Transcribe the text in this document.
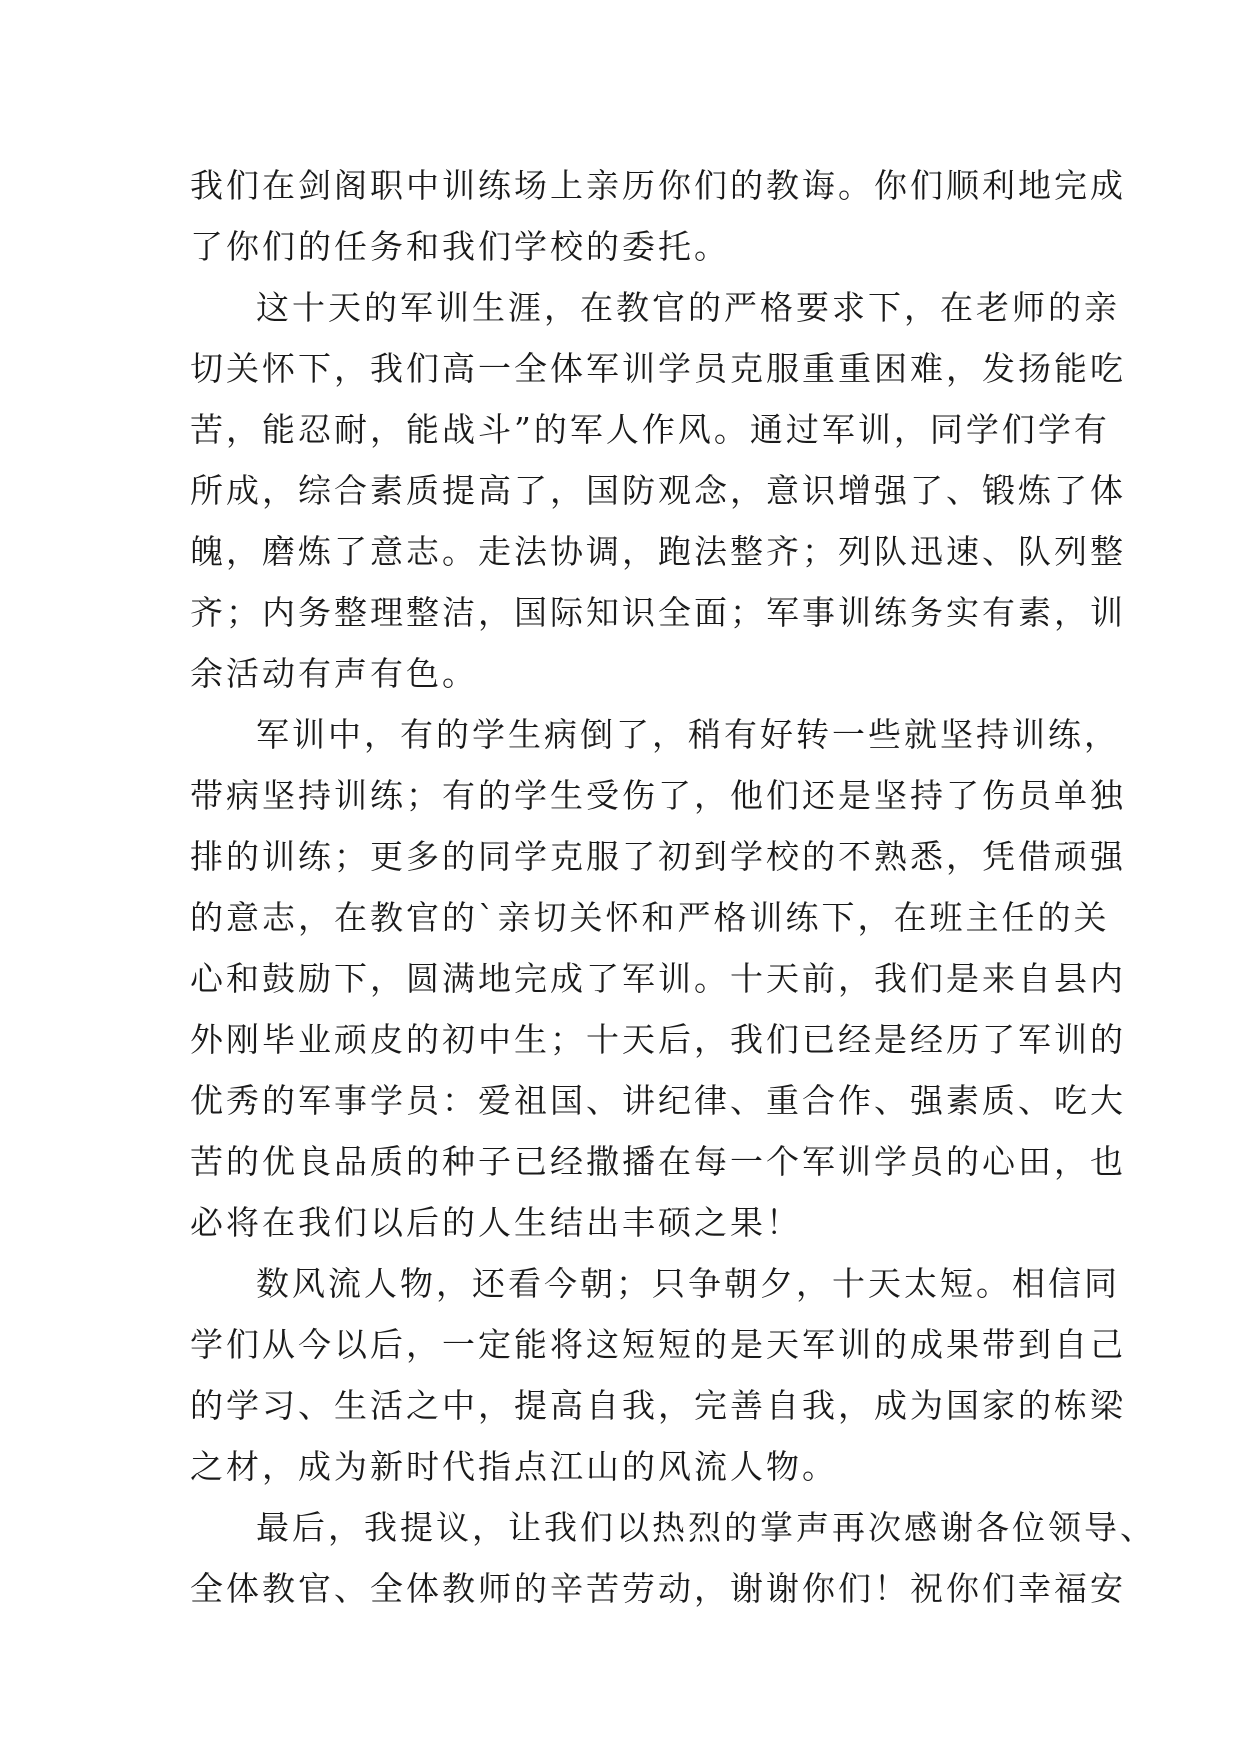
我们在剑阁职中训练场上亲历你们的教诲。你们顺利地完成
了你们的任务和我们学校的委托。
这十天的军训生涯，在教官的严格要求下，在老师的亲
切关怀下，我们高一全体军训学员克服重重困难，发扬能吃
苦，能忍耐，能战斗”的军人作风。通过军训，同学们学有
所成，综合素质提高了，国防观念，意识增强了、锻炼了体
魄，磨炼了意志。走法协调，跑法整齐；列队迅速、队列整
齐；内务整理整洁，国际知识全面；军事训练务实有素，训
余活动有声有色。
军训中，有的学生病倒了，稍有好转一些就坚持训练，
带病坚持训练；有的学生受伤了，他们还是坚持了伤员单独
排的训练；更多的同学克服了初到学校的不熟悉，凭借顽强
的意志，在教官的`亲切关怀和严格训练下，在班主任的关
心和鼓励下，圆满地完成了军训。十天前，我们是来自县内
外刚毕业顽皮的初中生；十天后，我们已经是经历了军训的
优秀的军事学员：爱祖国、讲纪律、重合作、强素质、吃大
苦的优良品质的种子已经撒播在每一个军训学员的心田，也
必将在我们以后的人生结出丰硕之果！
数风流人物，还看今朝；只争朝夕，十天太短。相信同
学们从今以后，一定能将这短短的是天军训的成果带到自己
的学习、生活之中，提高自我，完善自我，成为国家的栋梁
之材，成为新时代指点江山的风流人物。
最后，我提议，让我们以热烈的掌声再次感谢各位领导、
全体教官、全体教师的辛苦劳动，谢谢你们！祝你们幸福安
